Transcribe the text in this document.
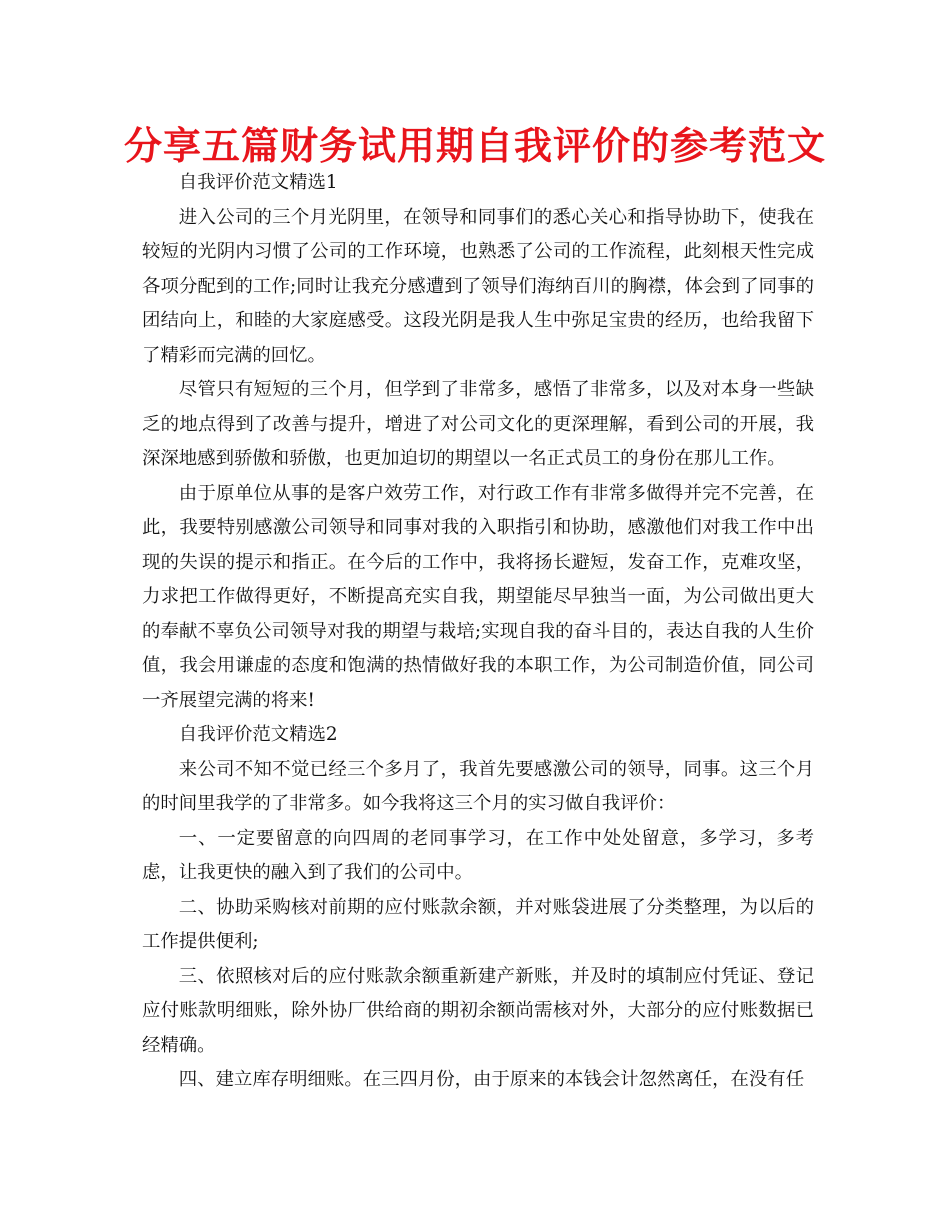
分享五篇财务试用期自我评价的参考范文

自我评价范文精选1

进入公司的三个月光阴里，在领导和同事们的悉心关心和指导协助下，使我在较短的光阴内习惯了公司的工作环境，也熟悉了公司的工作流程，此刻根天性完成各项分配到的工作;同时让我充分感遭到了领导们海纳百川的胸襟，体会到了同事的团结向上，和睦的大家庭感受。这段光阴是我人生中弥足宝贵的经历，也给我留下了精彩而完满的回忆。

尽管只有短短的三个月，但学到了非常多，感悟了非常多，以及对本身一些缺乏的地点得到了改善与提升，增进了对公司文化的更深理解，看到公司的开展，我深深地感到骄傲和骄傲，也更加迫切的期望以一名正式员工的身份在那儿工作。

由于原单位从事的是客户效劳工作，对行政工作有非常多做得并完不完善，在此，我要特别感激公司领导和同事对我的入职指引和协助，感激他们对我工作中出现的失误的提示和指正。在今后的工作中，我将扬长避短，发奋工作，克难攻坚，力求把工作做得更好，不断提高充实自我，期望能尽早独当一面，为公司做出更大的奉献不辜负公司领导对我的期望与栽培;实现自我的奋斗目的，表达自我的人生价值，我会用谦虚的态度和饱满的热情做好我的本职工作，为公司制造价值，同公司一齐展望完满的将来!

自我评价范文精选2

来公司不知不觉已经三个多月了，我首先要感激公司的领导，同事。这三个月的时间里我学的了非常多。如今我将这三个月的实习做自我评价：

一、一定要留意的向四周的老同事学习，在工作中处处留意，多学习，多考虑，让我更快的融入到了我们的公司中。

二、协助采购核对前期的应付账款余额，并对账袋进展了分类整理，为以后的工作提供便利;

三、依照核对后的应付账款余额重新建产新账，并及时的填制应付凭证、登记应付账款明细账，除外协厂供给商的期初余额尚需核对外，大部分的应付账数据已经精确。

四、建立库存明细账。在三四月份，由于原来的本钱会计忽然离任，在没有任
